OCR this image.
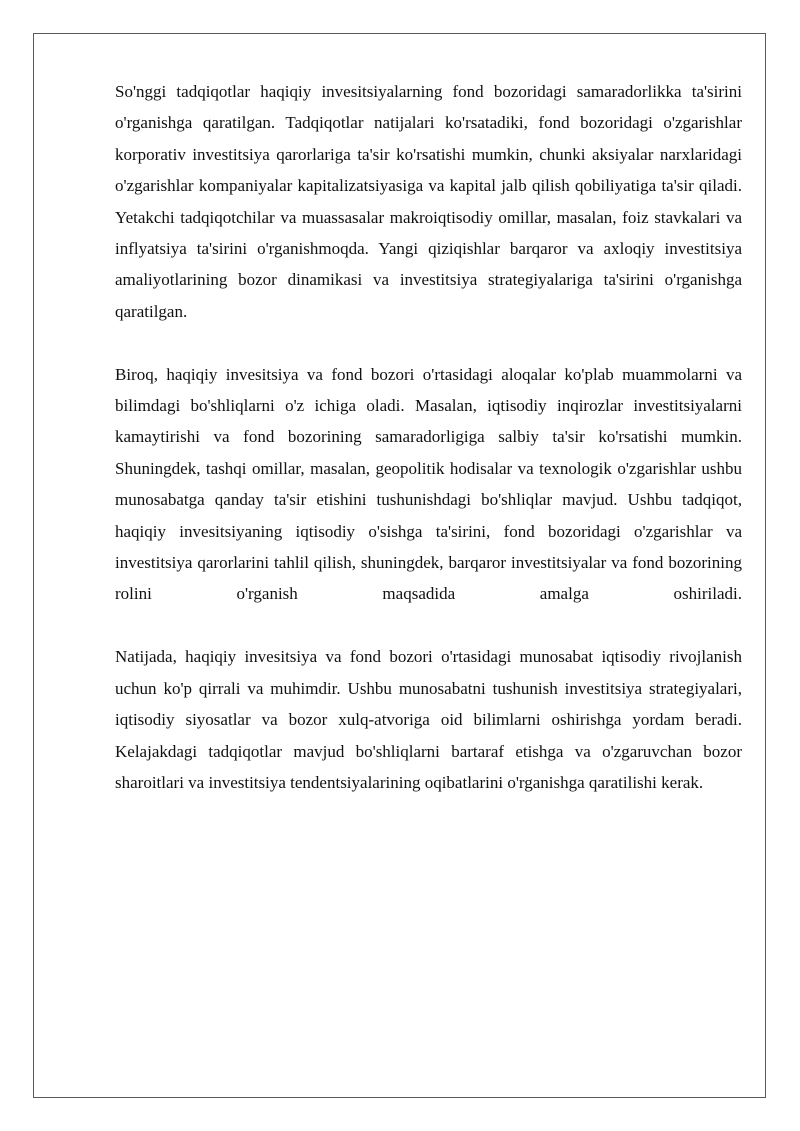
So'nggi tadqiqotlar haqiqiy invesitsiyalarning fond bozoridagi samaradorlikka ta'sirini o'rganishga qaratilgan. Tadqiqotlar natijalari ko'rsatadiki, fond bozoridagi o'zgarishlar korporativ investitsiya qarorlariga ta'sir ko'rsatishi mumkin, chunki aksiyalar narxlaridagi o'zgarishlar kompaniyalar kapitalizatsiyasiga va kapital jalb qilish qobiliyatiga ta'sir qiladi. Yetakchi tadqiqotchilar va muassasalar makroiqtisodiy omillar, masalan, foiz stavkalari va inflyatsiya ta'sirini o'rganishmoqda. Yangi qiziqishlar barqaror va axloqiy investitsiya amaliyotlarining bozor dinamikasi va investitsiya strategiyalariga ta'sirini o'rganishga qaratilgan.

Biroq, haqiqiy invesitsiya va fond bozori o'rtasidagi aloqalar ko'plab muammolarni va bilimdagi bo'shliqlarni o'z ichiga oladi. Masalan, iqtisodiy inqirozlar investitsiyalarni kamaytirishi va fond bozorining samaradorligiga salbiy ta'sir ko'rsatishi mumkin. Shuningdek, tashqi omillar, masalan, geopolitik hodisalar va texnologik o'zgarishlar ushbu munosabatga qanday ta'sir etishini tushunishdagi bo'shliqlar mavjud. Ushbu tadqiqot, haqiqiy invesitsiyaning iqtisodiy o'sishga ta'sirini, fond bozoridagi o'zgarishlar va investitsiya qarorlarini tahlil qilish, shuningdek, barqaror investitsiyalar va fond bozorining rolini o'rganish maqsadida amalga oshiriladi.

Natijada, haqiqiy invesitsiya va fond bozori o'rtasidagi munosabat iqtisodiy rivojlanish uchun ko'p qirrali va muhimdir. Ushbu munosabatni tushunish investitsiya strategiyalari, iqtisodiy siyosatlar va bozor xulq-atvoriga oid bilimlarni oshirishga yordam beradi. Kelajakdagi tadqiqotlar mavjud bo'shliqlarni bartaraf etishga va o'zgaruvchan bozor sharoitlari va investitsiya tendentsiyalarining oqibatlarini o'rganishga qaratilishi kerak.
